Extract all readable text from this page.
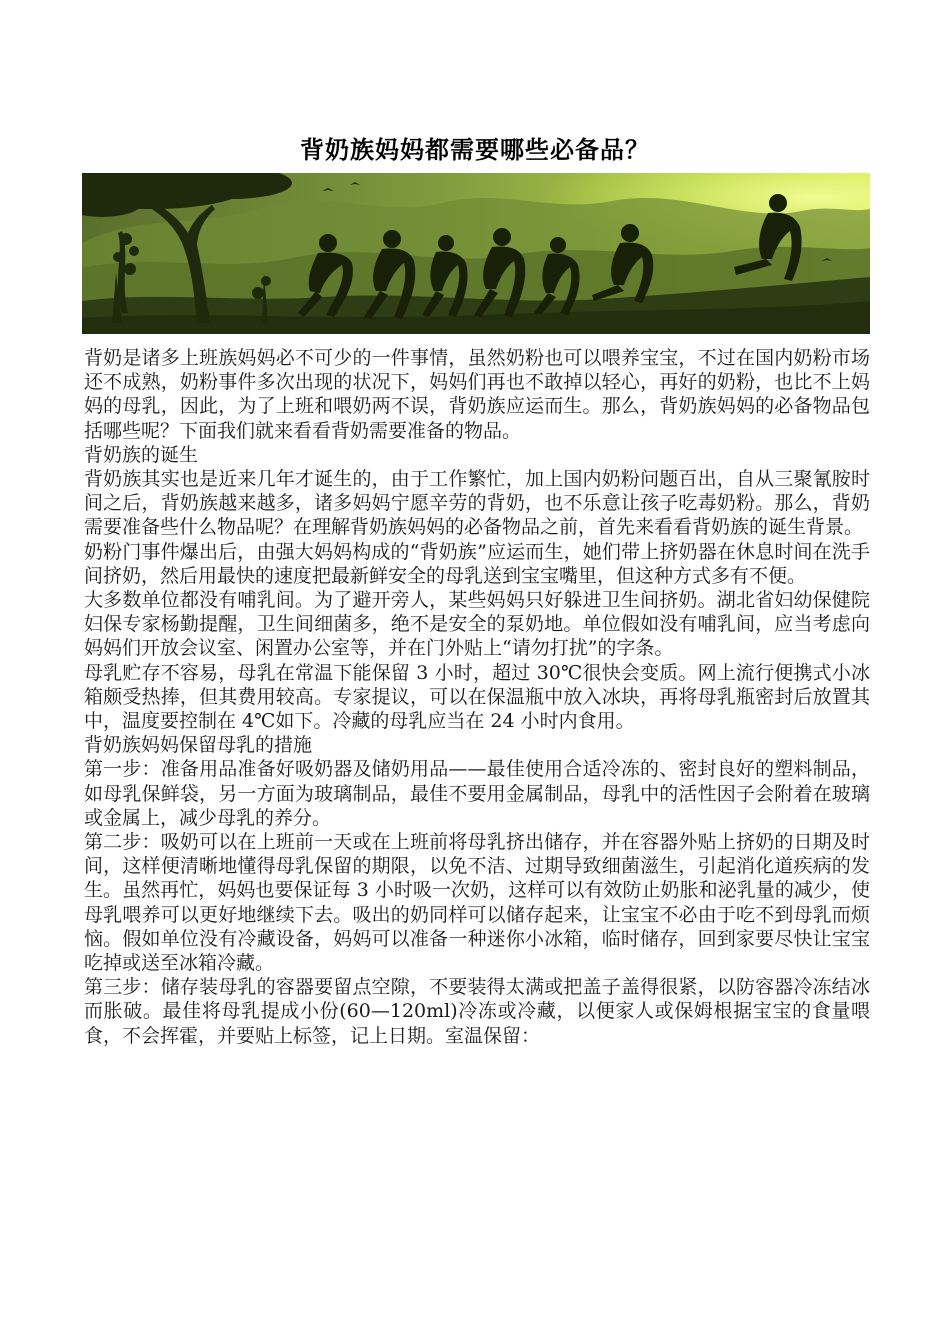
背奶族妈妈都需要哪些必备品？

背奶是诸多上班族妈妈必不可少的一件事情，虽然奶粉也可以喂养宝宝，不过在国内奶粉市场还不成熟，奶粉事件多次出现的状况下，妈妈们再也不敢掉以轻心，再好的奶粉，也比不上妈妈的母乳，因此，为了上班和喂奶两不误，背奶族应运而生。那么，背奶族妈妈的必备物品包括哪些呢？下面我们就来看看背奶需要准备的物品。

背奶族的诞生

背奶族其实也是近来几年才诞生的，由于工作繁忙，加上国内奶粉问题百出，自从三聚氰胺时间之后，背奶族越来越多，诸多妈妈宁愿辛劳的背奶，也不乐意让孩子吃毒奶粉。那么，背奶需要准备些什么物品呢？在理解背奶族妈妈的必备物品之前，首先来看看背奶族的诞生背景。

奶粉门事件爆出后，由强大妈妈构成的“背奶族”应运而生，她们带上挤奶器在休息时间在洗手间挤奶，然后用最快的速度把最新鲜安全的母乳送到宝宝嘴里，但这种方式多有不便。

大多数单位都没有哺乳间。为了避开旁人，某些妈妈只好躲进卫生间挤奶。湖北省妇幼保健院妇保专家杨勤提醒，卫生间细菌多，绝不是安全的泵奶地。单位假如没有哺乳间，应当考虑向妈妈们开放会议室、闲置办公室等，并在门外贴上“请勿打扰”的字条。

母乳贮存不容易，母乳在常温下能保留 3 小时，超过 30℃很快会变质。网上流行便携式小冰箱颇受热捧，但其费用较高。专家提议，可以在保温瓶中放入冰块，再将母乳瓶密封后放置其中，温度要控制在 4℃如下。冷藏的母乳应当在 24 小时内食用。

背奶族妈妈保留母乳的措施

第一步：准备用品准备好吸奶器及储奶用品——最佳使用合适冷冻的、密封良好的塑料制品，如母乳保鲜袋，另一方面为玻璃制品，最佳不要用金属制品，母乳中的活性因子会附着在玻璃或金属上，减少母乳的养分。

第二步：吸奶可以在上班前一天或在上班前将母乳挤出储存，并在容器外贴上挤奶的日期及时间，这样便清晰地懂得母乳保留的期限，以免不洁、过期导致细菌滋生，引起消化道疾病的发生。虽然再忙，妈妈也要保证每 3 小时吸一次奶，这样可以有效防止奶胀和泌乳量的减少，使母乳喂养可以更好地继续下去。吸出的奶同样可以储存起来，让宝宝不必由于吃不到母乳而烦恼。假如单位没有冷藏设备，妈妈可以准备一种迷你小冰箱，临时储存，回到家要尽快让宝宝吃掉或送至冰箱冷藏。

第三步：储存装母乳的容器要留点空隙，不要装得太满或把盖子盖得很紧，以防容器冷冻结冰而胀破。最佳将母乳提成小份(60—120ml)冷冻或冷藏，以便家人或保姆根据宝宝的食量喂食，不会挥霍，并要贴上标签，记上日期。室温保留：
